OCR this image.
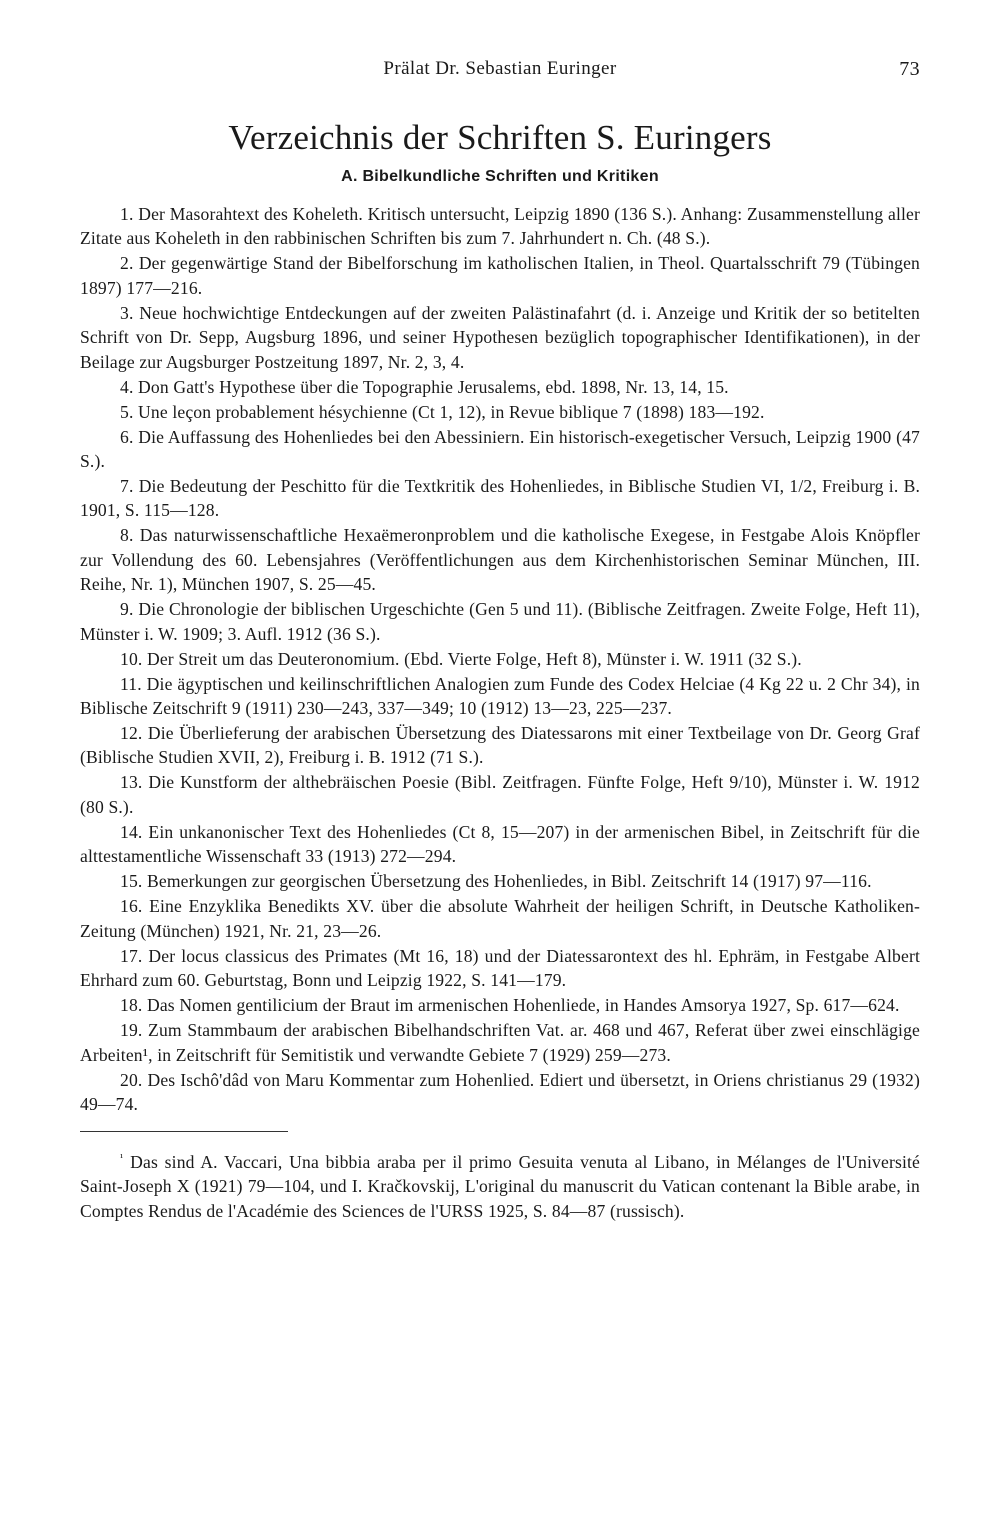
Prälat Dr. Sebastian Euringer	73
Verzeichnis der Schriften S. Euringers
A. Bibelkundliche Schriften und Kritiken

1. Der Masorahtext des Koheleth. Kritisch untersucht, Leipzig 1890 (136 S.). Anhang: Zusammenstellung aller Zitate aus Koheleth in den rabbinischen Schriften bis zum 7. Jahrhundert n. Ch. (48 S.).

2. Der gegenwärtige Stand der Bibelforschung im katholischen Italien, in Theol. Quartalsschrift 79 (Tübingen 1897) 177—216.

3. Neue hochwichtige Entdeckungen auf der zweiten Palästinafahrt (d. i. Anzeige und Kritik der so betitelten Schrift von Dr. Sepp, Augsburg 1896, und seiner Hypothesen bezüglich topographischer Identifikationen), in der Beilage zur Augsburger Postzeitung 1897, Nr. 2, 3, 4.

4. Don Gatt's Hypothese über die Topographie Jerusalems, ebd. 1898, Nr. 13, 14, 15.

5. Une leçon probablement hésychienne (Ct 1, 12), in Revue biblique 7 (1898) 183—192.

6. Die Auffassung des Hohenliedes bei den Abessiniern. Ein historisch-exegetischer Versuch, Leipzig 1900 (47 S.).

7. Die Bedeutung der Peschitto für die Textkritik des Hohenliedes, in Biblische Studien VI, 1/2, Freiburg i. B. 1901, S. 115—128.

8. Das naturwissenschaftliche Hexaëmeronproblem und die katholische Exegese, in Festgabe Alois Knöpfler zur Vollendung des 60. Lebensjahres (Veröffentlichungen aus dem Kirchenhistorischen Seminar München, III. Reihe, Nr. 1), München 1907, S. 25—45.

9. Die Chronologie der biblischen Urgeschichte (Gen 5 und 11). (Biblische Zeitfragen. Zweite Folge, Heft 11), Münster i. W. 1909; 3. Aufl. 1912 (36 S.).

10. Der Streit um das Deuteronomium. (Ebd. Vierte Folge, Heft 8), Münster i. W. 1911 (32 S.).

11. Die ägyptischen und keilinschriftlichen Analogien zum Funde des Codex Helciae (4 Kg 22 u. 2 Chr 34), in Biblische Zeitschrift 9 (1911) 230—243, 337—349; 10 (1912) 13—23, 225—237.

12. Die Überlieferung der arabischen Übersetzung des Diatessarons mit einer Textbeilage von Dr. Georg Graf (Biblische Studien XVII, 2), Freiburg i. B. 1912 (71 S.).

13. Die Kunstform der althebräischen Poesie (Bibl. Zeitfragen. Fünfte Folge, Heft 9/10), Münster i. W. 1912 (80 S.).

14. Ein unkanonischer Text des Hohenliedes (Ct 8, 15—207) in der armenischen Bibel, in Zeitschrift für die alttestamentliche Wissenschaft 33 (1913) 272—294.

15. Bemerkungen zur georgischen Übersetzung des Hohenliedes, in Bibl. Zeitschrift 14 (1917) 97—116.

16. Eine Enzyklika Benedikts XV. über die absolute Wahrheit der heiligen Schrift, in Deutsche Katholiken-Zeitung (München) 1921, Nr. 21, 23—26.

17. Der locus classicus des Primates (Mt 16, 18) und der Diatessarontext des hl. Ephräm, in Festgabe Albert Ehrhard zum 60. Geburtstag, Bonn und Leipzig 1922, S. 141—179.

18. Das Nomen gentilicium der Braut im armenischen Hohenliede, in Handes Amsorya 1927, Sp. 617—624.

19. Zum Stammbaum der arabischen Bibelhandschriften Vat. ar. 468 und 467, Referat über zwei einschlägige Arbeiten¹, in Zeitschrift für Semitistik und verwandte Gebiete 7 (1929) 259—273.

20. Des Ischô'dâd von Maru Kommentar zum Hohenlied. Ediert und übersetzt, in Oriens christianus 29 (1932) 49—74.

$^{^1}$ Das sind A. Vaccari, Una bibbia araba per il primo Gesuita venuta al Libano, in Mélanges de l'Université Saint-Joseph X (1921) 79—104, und I. Kračkovskij, L'original du manuscrit du Vatican contenant la Bible arabe, in Comptes Rendus de l'Académie des Sciences de l'URSS 1925, S. 84—87 (russisch).
